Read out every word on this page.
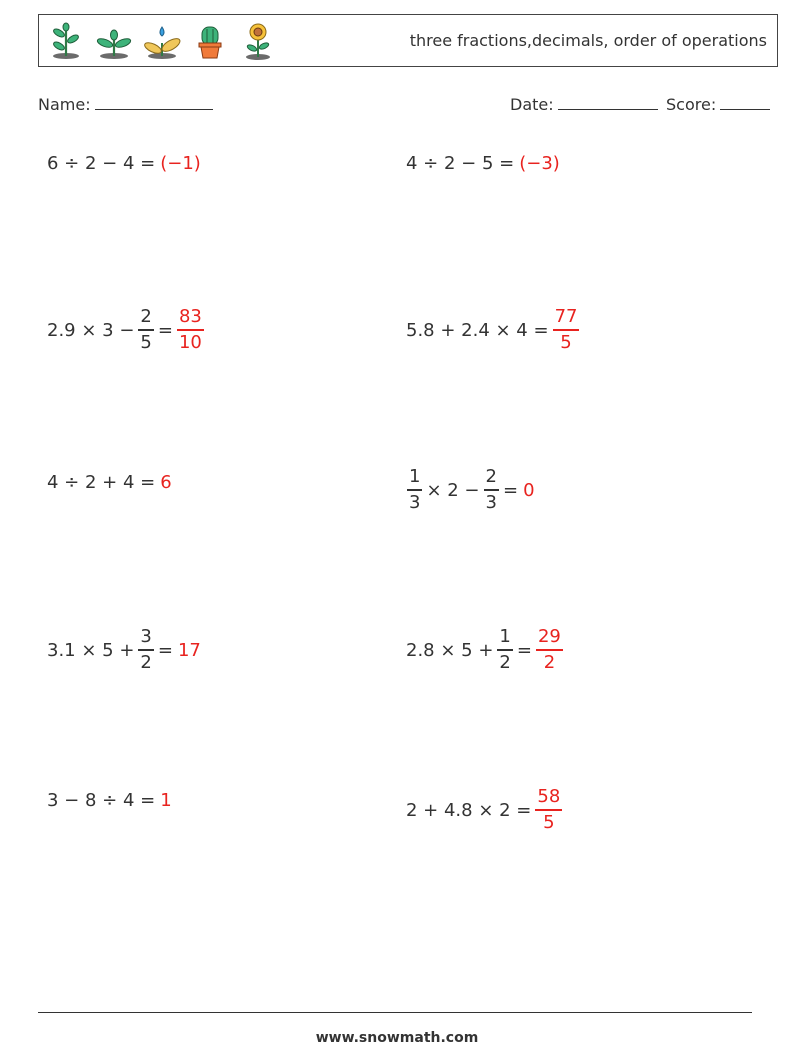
three fractions,decimals, order of operations
Name:	Date:	Score:
6 ÷ 2 − 4 = (−1)	4 ÷ 2 − 5 = (−3)
$2.9 \times 3 - \frac{2}{5} = \frac{83}{10}$	$5.8 + 2.4 \times 4 = \frac{77}{5}$
4 ÷ 2 + 4 = 6	$\frac{1}{3} \times 2 - \frac{2}{3} = 0$
$3.1 \times 5 + \frac{3}{2} = 17$	$2.8 \times 5 + \frac{1}{2} = \frac{29}{2}$
3 − 8 ÷ 4 = 1	$2 + 4.8 \times 2 = \frac{58}{5}$
www.snowmath.com
